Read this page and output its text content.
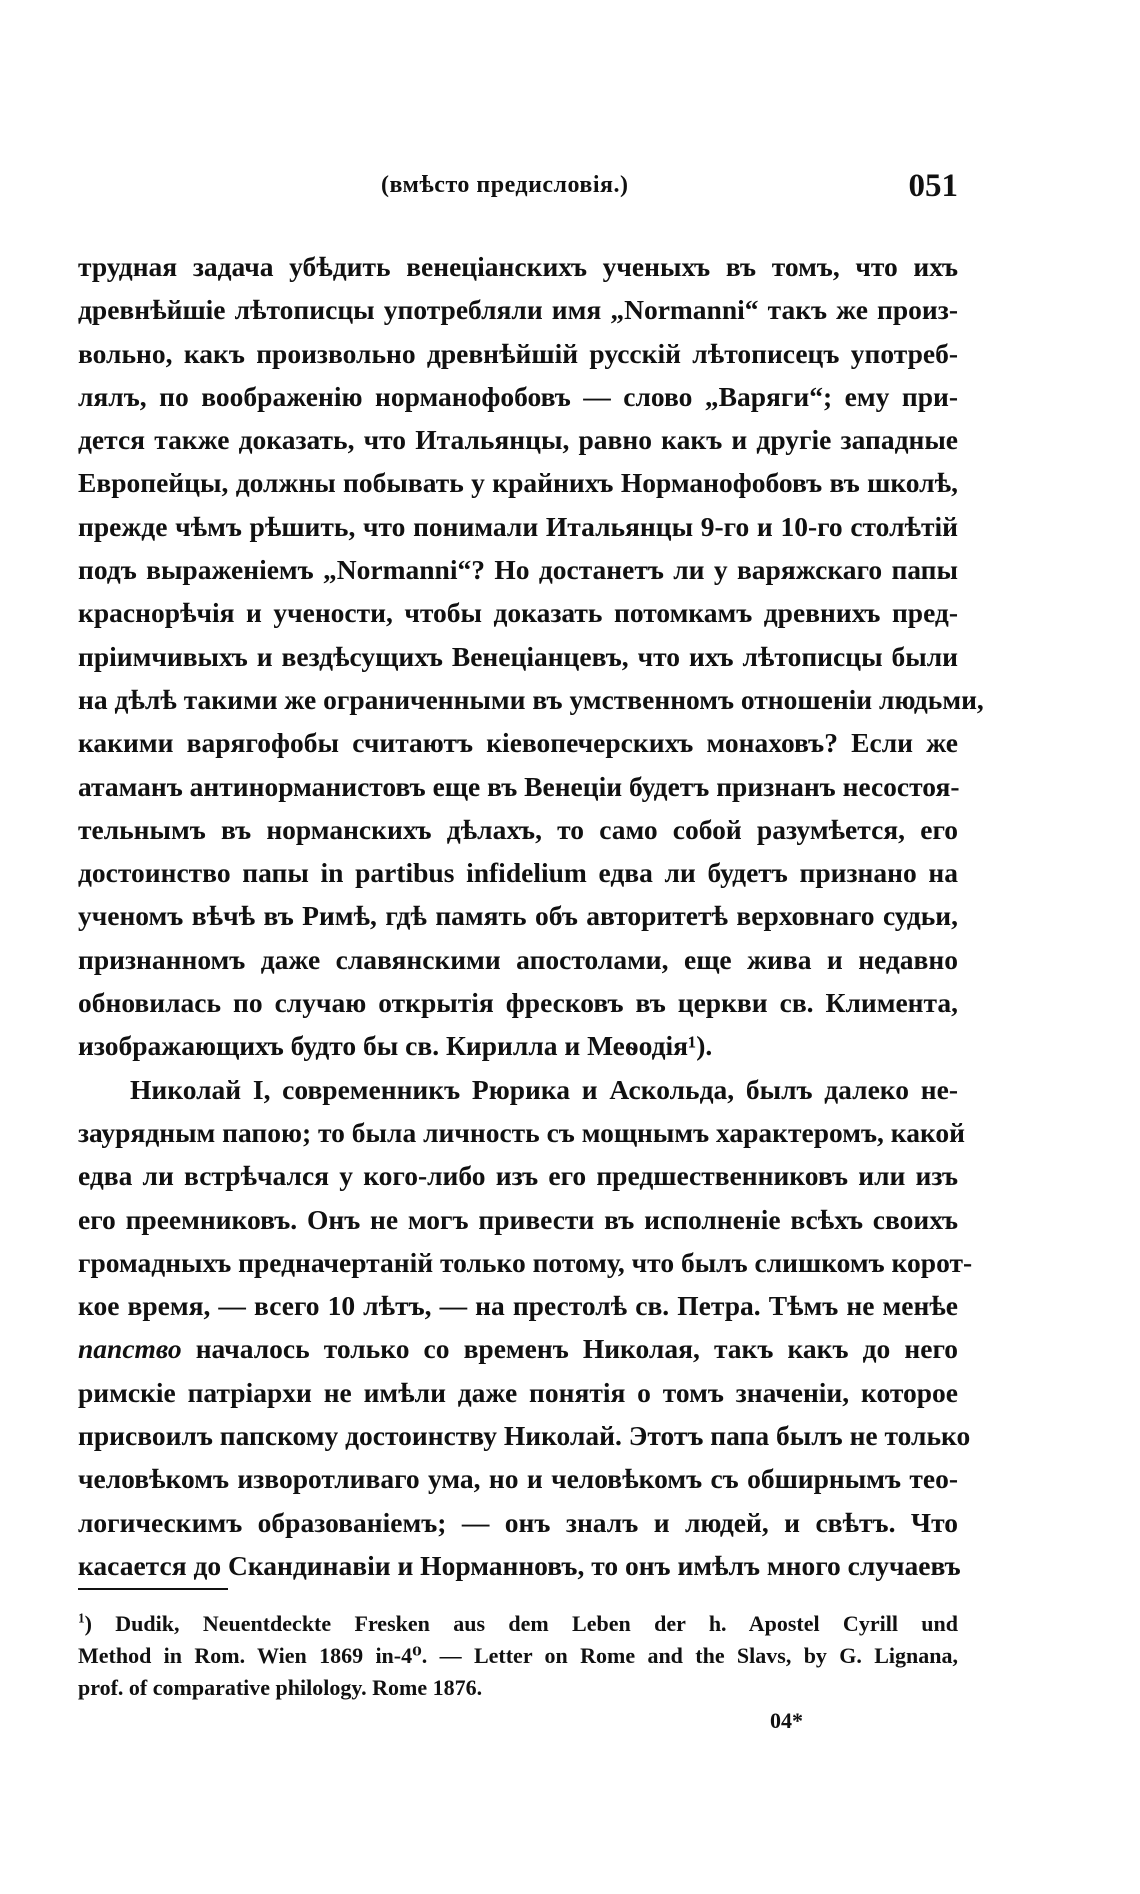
(вмѣсто предисловія.)	051
трудная задача убѣдить венеціанскихъ ученыхъ въ томъ, что ихъ
древнѣйшіе лѣтописцы употребляли имя „Normanni“ такъ же произ-
вольно, какъ произвольно древнѣйшій русскій лѣтописецъ употреб-
лялъ, по воображенію норманофобовъ — слово „Варяги“; ему при-
дется также доказать, что Итальянцы, равно какъ и другіе западные
Европейцы, должны побывать у крайнихъ Норманофобовъ въ школѣ,
прежде чѣмъ рѣшить, что понимали Итальянцы 9-го и 10-го столѣтій
подъ выраженіемъ „Normanni“? Но достанетъ ли у варяжскаго папы
краснорѣчія и учености, чтобы доказать потомкамъ древнихъ пред-
пріимчивыхъ и вездѣсущихъ Венеціанцевъ, что ихъ лѣтописцы были
на дѣлѣ такими же ограниченными въ умственномъ отношеніи людьми,
какими варягофобы считаютъ кіевопечерскихъ монаховъ? Если же
атаманъ антинорманистовъ еще въ Венеціи будетъ признанъ несостоя-
тельнымъ въ норманскихъ дѣлахъ, то само собой разумѣется, его
достоинство папы in partibus infidelium едва ли будетъ признано на
ученомъ вѣчѣ въ Римѣ, гдѣ память объ авторитетѣ верховнаго судьи,
признанномъ даже славянскими апостолами, еще жива и недавно
обновилась по случаю открытія фресковъ въ церкви св. Климента,
изображающихъ будто бы св. Кирилла и Меѳодія¹).
Николай I, современникъ Рюрика и Аскольда, былъ далеко не-
заурядным папою; то была личность съ мощнымъ характеромъ, какой
едва ли встрѣчался у кого-либо изъ его предшественниковъ или изъ
его преемниковъ. Онъ не могъ привести въ исполненіе всѣхъ своихъ
громадныхъ предначертаній только потому, что былъ слишкомъ корот-
кое время, — всего 10 лѣтъ, — на престолѣ св. Петра. Тѣмъ не менѣе
папство началось только со временъ Николая, такъ какъ до него
римскіе патріархи не имѣли даже понятія о томъ значеніи, которое
присвоилъ папскому достоинству Николай. Этотъ папа былъ не только
человѣкомъ изворотливаго ума, но и человѣкомъ съ обширнымъ тео-
логическимъ образованіемъ; — онъ зналъ и людей, и свѣтъ. Что
касается до Скандинавіи и Норманновъ, то онъ имѣлъ много случаевъ
$^1$) Dudik, Neuentdeckte Fresken aus dem Leben der h. Apostel Cyrill und
Method in Rom. Wien 1869 in-4⁰. — Letter on Rome and the Slavs, by G. Lignana,
prof. of comparative philology. Rome 1876.
04*
